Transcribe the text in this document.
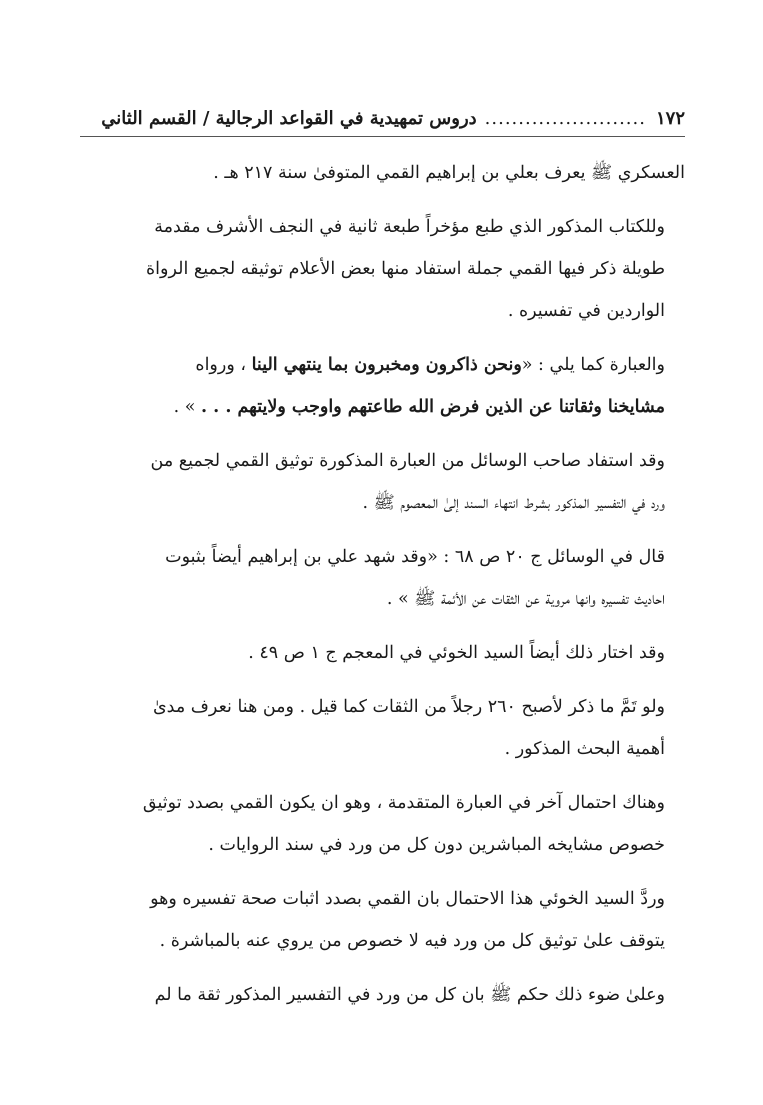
١٧٢
........................
دروس تمهيدية في القواعد الرجالية / القسم الثاني

العسكري ﷺ يعرف بعلي بن إبراهيم القمي المتوفىٰ سنة ٢١٧ هـ .

وللكتاب المذكور الذي طبع مؤخراً طبعة ثانية في النجف الأشرف مقدمة
طويلة ذكر فيها القمي جملة استفاد منها بعض الأعلام توثيقه لجميع الرواة
الواردين في تفسيره .

والعبارة كما يلي : «ونحن ذاكرون ومخبرون بما ينتهي الينا ، ورواه
مشايخنا وثقاتنا عن الذين فرض الله طاعتهم واوجب ولايتهم . . . » .

وقد استفاد صاحب الوسائل من العبارة المذكورة توثيق القمي لجميع من
ورد في التفسير المذكور بشرط انتهاء السند إلىٰ المعصوم ﷺ .

قال في الوسائل ج ٢٠ ص ٦٨ : «وقد شهد علي بن إبراهيم أيضاً بثبوت
احاديث تفسيره وانها مروية عن الثقات عن الأئمة ﷺ » .

وقد اختار ذلك أيضاً السيد الخوئي في المعجم ج ١ ص ٤٩ .

ولو تَمَّ ما ذكر لأصبح ٢٦٠ رجلاً من الثقات كما قيل . ومن هنا نعرف مدىٰ
أهمية البحث المذكور .

وهناك احتمال آخر في العبارة المتقدمة ، وهو ان يكون القمي بصدد توثيق
خصوص مشايخه المباشرين دون كل من ورد في سند الروايات .

وردَّ السيد الخوئي هذا الاحتمال بان القمي بصدد اثبات صحة تفسيره وهو
يتوقف علىٰ توثيق كل من ورد فيه لا خصوص من يروي عنه بالمباشرة .

وعلىٰ ضوء ذلك حكم ﷺ بان كل من ورد في التفسير المذكور ثقة ما لم
